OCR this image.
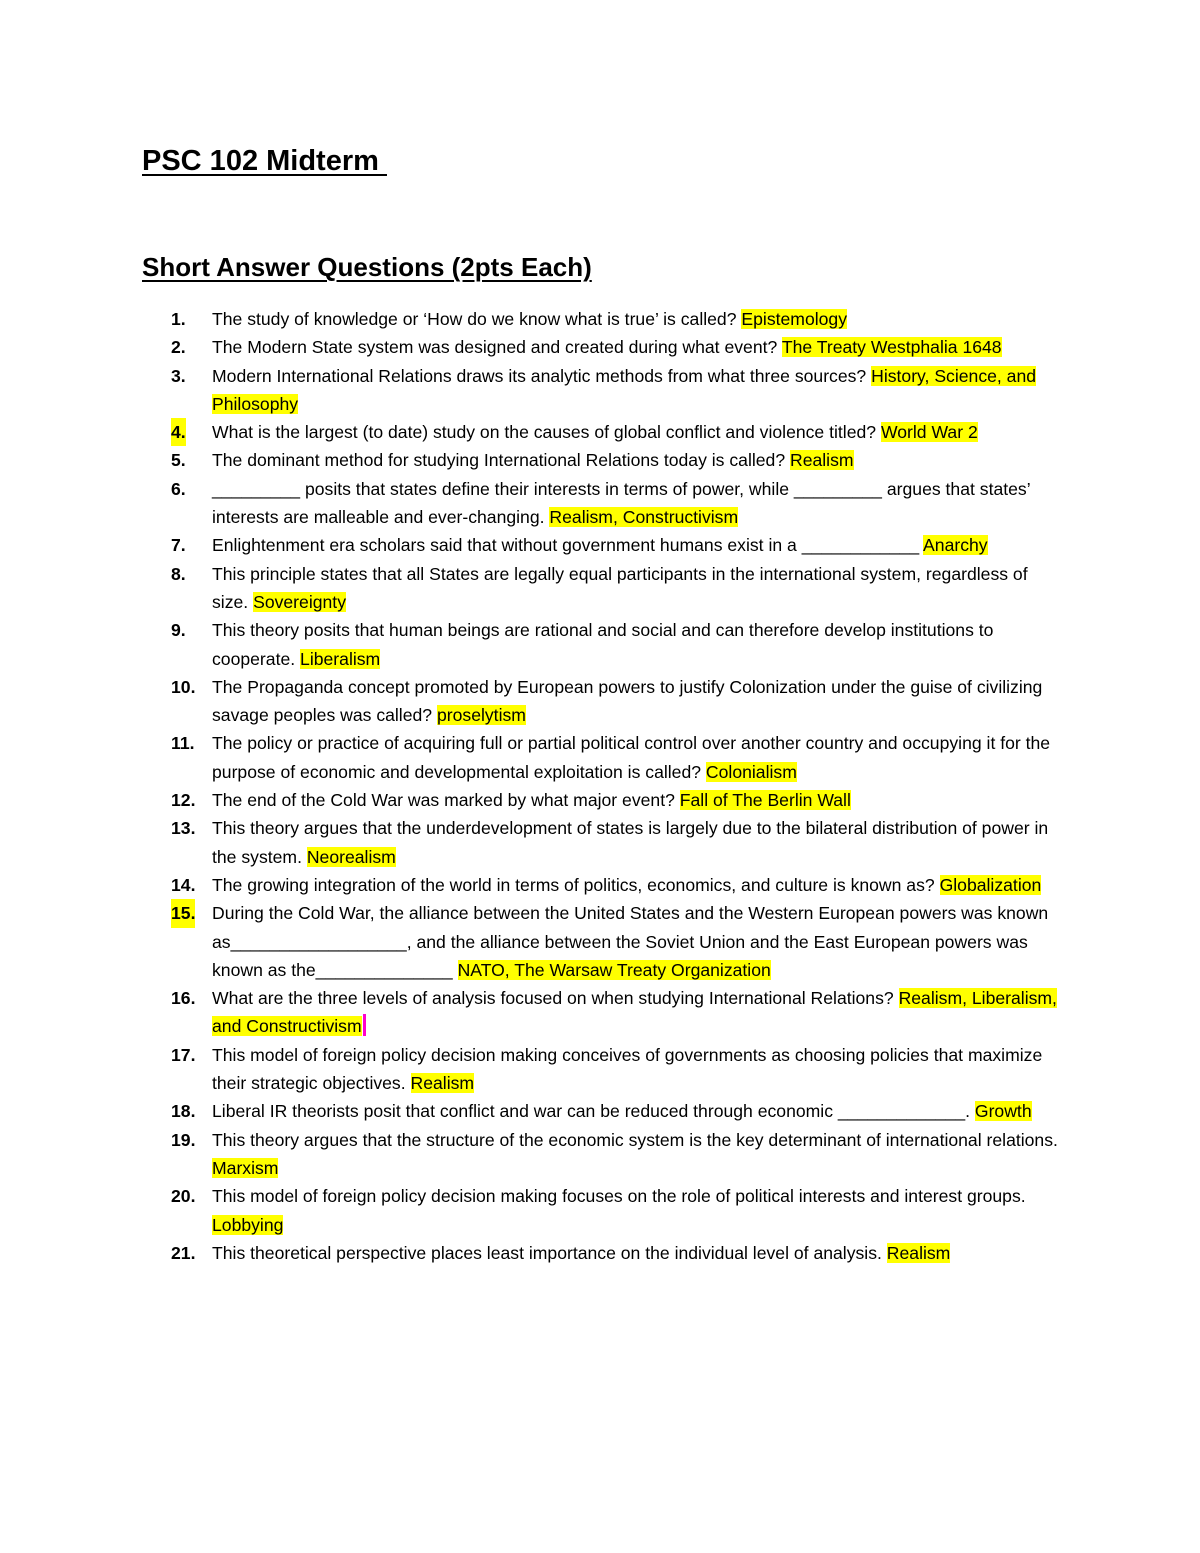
PSC 102 Midterm
Short Answer Questions (2pts Each)
1. The study of knowledge or ‘How do we know what is true’ is called? Epistemology
2. The Modern State system was designed and created during what event? The Treaty Westphalia 1648
3. Modern International Relations draws its analytic methods from what three sources? History, Science, and Philosophy
4. What is the largest (to date) study on the causes of global conflict and violence titled? World War 2
5. The dominant method for studying International Relations today is called? Realism
6. _________ posits that states define their interests in terms of power, while _________ argues that states’ interests are malleable and ever-changing. Realism, Constructivism
7. Enlightenment era scholars said that without government humans exist in a ____________ Anarchy
8. This principle states that all States are legally equal participants in the international system, regardless of size. Sovereignty
9. This theory posits that human beings are rational and social and can therefore develop institutions to cooperate. Liberalism
10. The Propaganda concept promoted by European powers to justify Colonization under the guise of civilizing savage peoples was called? proselytism
11. The policy or practice of acquiring full or partial political control over another country and occupying it for the purpose of economic and developmental exploitation is called? Colonialism
12. The end of the Cold War was marked by what major event? Fall of The Berlin Wall
13. This theory argues that the underdevelopment of states is largely due to the bilateral distribution of power in the system. Neorealism
14. The growing integration of the world in terms of politics, economics, and culture is known as? Globalization
15. During the Cold War, the alliance between the United States and the Western European powers was known as__________________, and the alliance between the Soviet Union and the East European powers was known as the______________ NATO, The Warsaw Treaty Organization
16. What are the three levels of analysis focused on when studying International Relations? Realism, Liberalism, and Constructivism
17. This model of foreign policy decision making conceives of governments as choosing policies that maximize their strategic objectives. Realism
18. Liberal IR theorists posit that conflict and war can be reduced through economic _____________. Growth
19. This theory argues that the structure of the economic system is the key determinant of international relations. Marxism
20. This model of foreign policy decision making focuses on the role of political interests and interest groups. Lobbying
21. This theoretical perspective places least importance on the individual level of analysis. Realism
